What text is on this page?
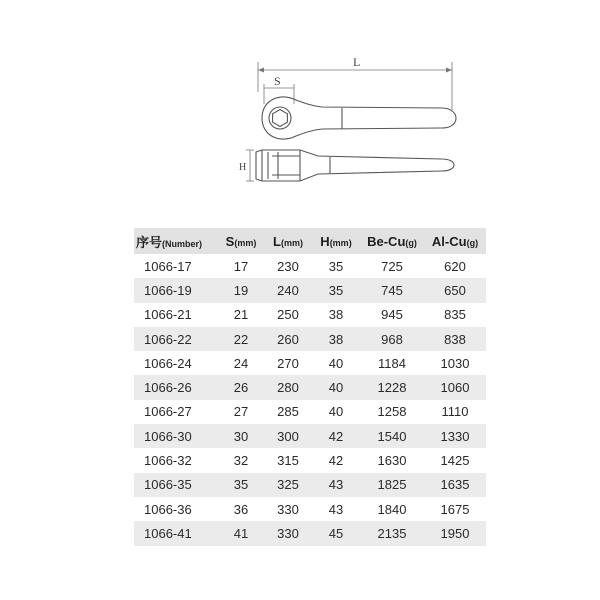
L
S
H
序号(Number)	S(mm)	L(mm)	H(mm)	Be-Cu(g)	Al-Cu(g)
1066-17	17	230	35	725	620
1066-19	19	240	35	745	650
1066-21	21	250	38	945	835
1066-22	22	260	38	968	838
1066-24	24	270	40	1184	1030
1066-26	26	280	40	1228	1060
1066-27	27	285	40	1258	1110
1066-30	30	300	42	1540	1330
1066-32	32	315	42	1630	1425
1066-35	35	325	43	1825	1635
1066-36	36	330	43	1840	1675
1066-41	41	330	45	2135	1950
